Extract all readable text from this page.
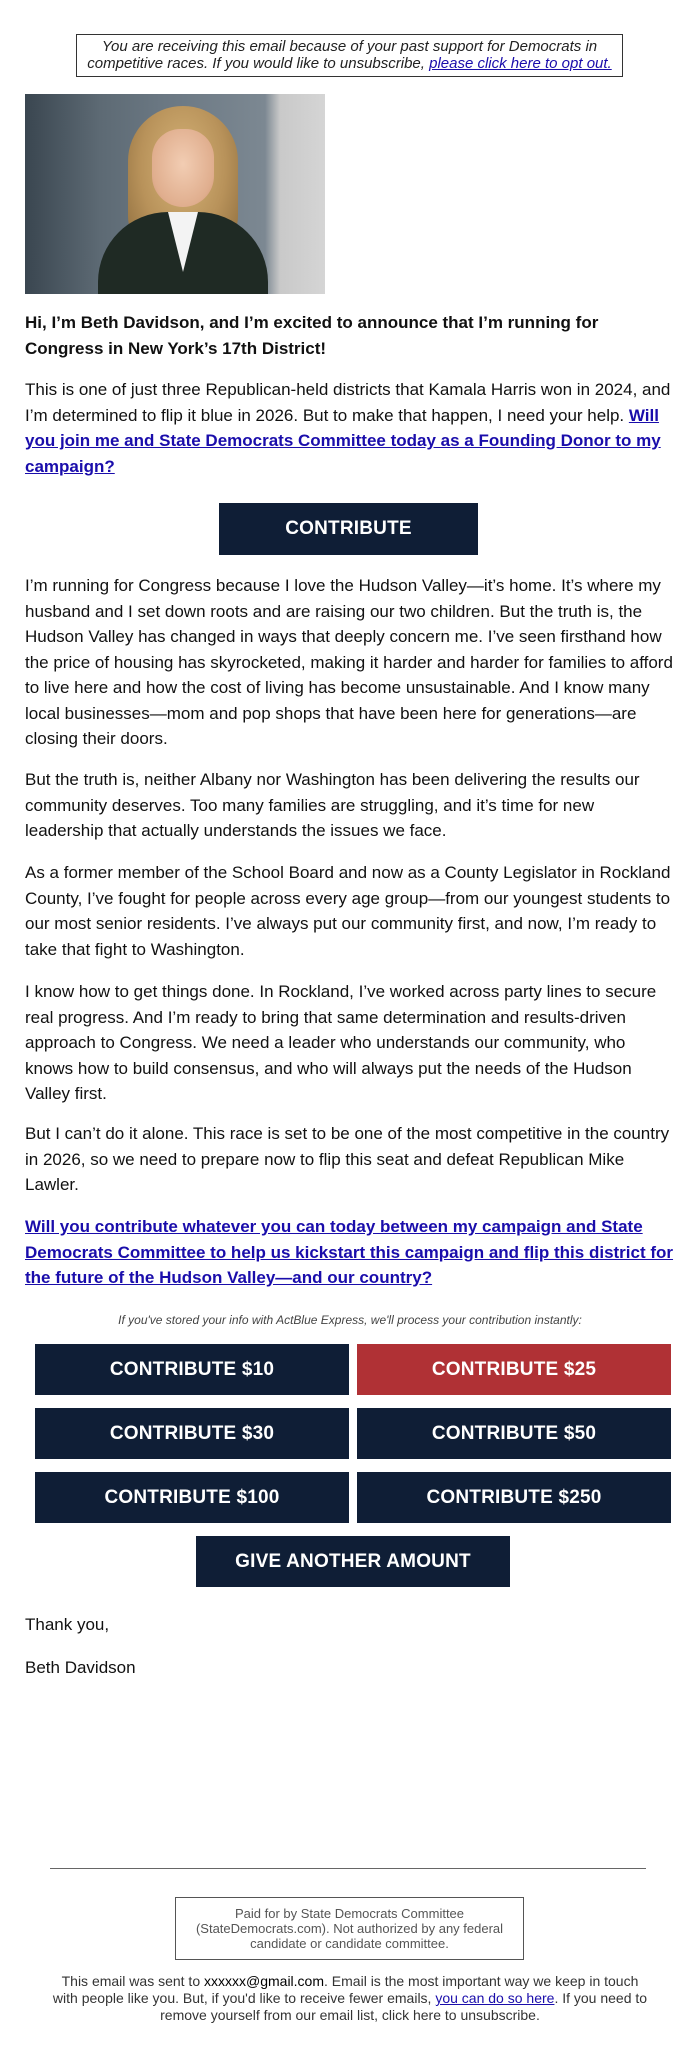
You are receiving this email because of your past support for Democrats in competitive races. If you would like to unsubscribe, please click here to opt out.
Hi, I’m Beth Davidson, and I’m excited to announce that I’m running for Congress in New York’s 17th District!
This is one of just three Republican-held districts that Kamala Harris won in 2024, and I’m determined to flip it blue in 2026. But to make that happen, I need your help. Will you join me and State Democrats Committee today as a Founding Donor to my campaign?
CONTRIBUTE
I’m running for Congress because I love the Hudson Valley—it’s home. It’s where my husband and I set down roots and are raising our two children. But the truth is, the Hudson Valley has changed in ways that deeply concern me. I’ve seen firsthand how the price of housing has skyrocketed, making it harder and harder for families to afford to live here and how the cost of living has become unsustainable. And I know many local businesses—mom and pop shops that have been here for generations—are closing their doors.
But the truth is, neither Albany nor Washington has been delivering the results our community deserves. Too many families are struggling, and it’s time for new leadership that actually understands the issues we face.
As a former member of the School Board and now as a County Legislator in Rockland County, I’ve fought for people across every age group—from our youngest students to our most senior residents. I’ve always put our community first, and now, I’m ready to take that fight to Washington.
I know how to get things done. In Rockland, I’ve worked across party lines to secure real progress. And I’m ready to bring that same determination and results-driven approach to Congress. We need a leader who understands our community, who knows how to build consensus, and who will always put the needs of the Hudson Valley first.
But I can’t do it alone. This race is set to be one of the most competitive in the country in 2026, so we need to prepare now to flip this seat and defeat Republican Mike Lawler.
Will you contribute whatever you can today between my campaign and State Democrats Committee to help us kickstart this campaign and flip this district for the future of the Hudson Valley—and our country?
If you've stored your info with ActBlue Express, we'll process your contribution instantly:
CONTRIBUTE $10	CONTRIBUTE $25
CONTRIBUTE $30	CONTRIBUTE $50
CONTRIBUTE $100	CONTRIBUTE $250
GIVE ANOTHER AMOUNT
Thank you,
Beth Davidson
Paid for by State Democrats Committee (StateDemocrats.com). Not authorized by any federal candidate or candidate committee.
This email was sent to xxxxxx@gmail.com. Email is the most important way we keep in touch with people like you. But, if you'd like to receive fewer emails, you can do so here. If you need to remove yourself from our email list, click here to unsubscribe.
